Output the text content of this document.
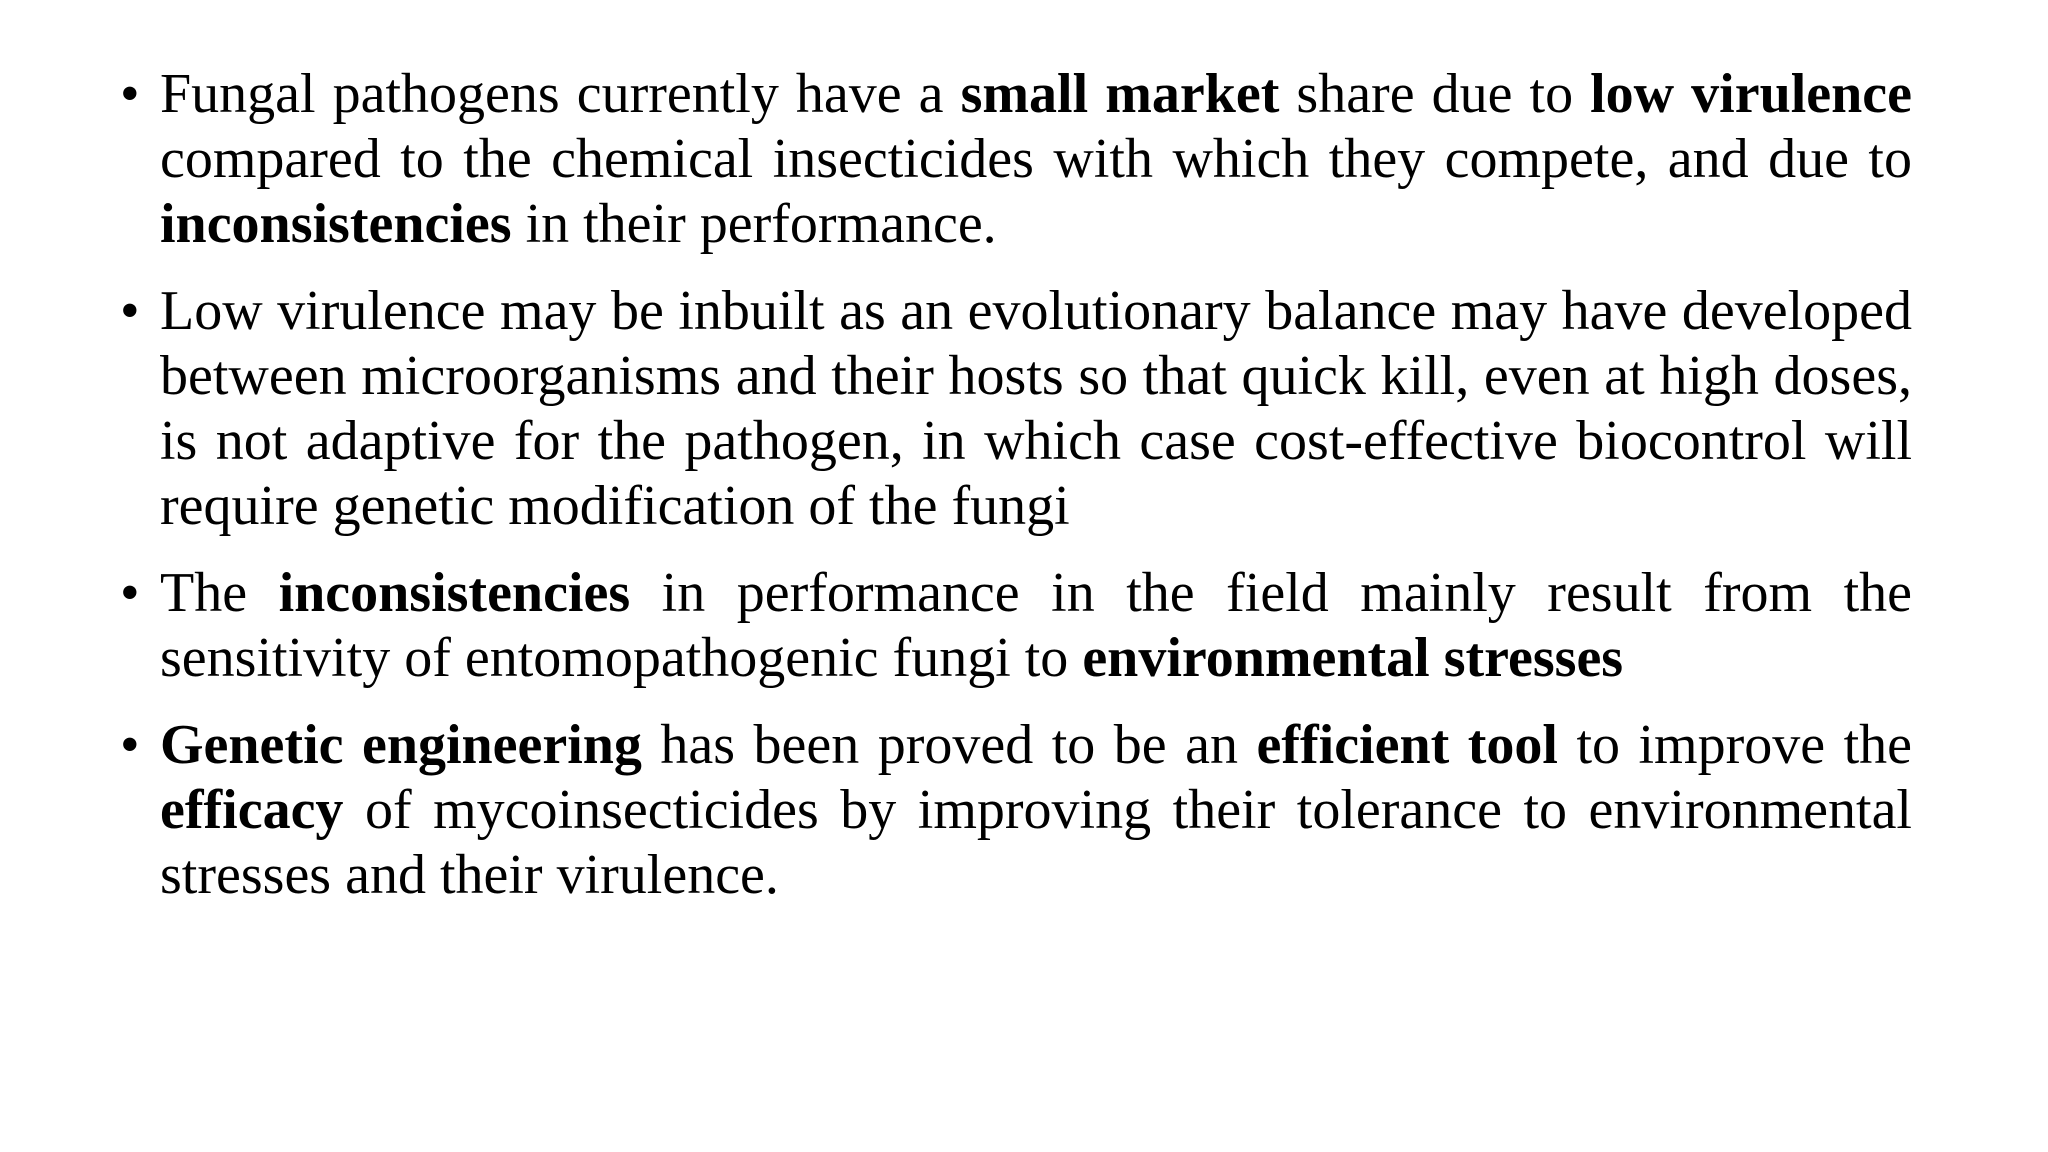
• Fungal pathogens currently have a small market share due to low virulence compared to the chemical insecticides with which they compete, and due to inconsistencies in their performance.
• Low virulence may be inbuilt as an evolutionary balance may have developed between microorganisms and their hosts so that quick kill, even at high doses, is not adaptive for the pathogen, in which case cost-effective biocontrol will require genetic modification of the fungi
• The inconsistencies in performance in the field mainly result from the sensitivity of entomopathogenic fungi to environmental stresses
• Genetic engineering has been proved to be an efficient tool to improve the efficacy of mycoinsecticides by improving their tolerance to environmental stresses and their virulence.
